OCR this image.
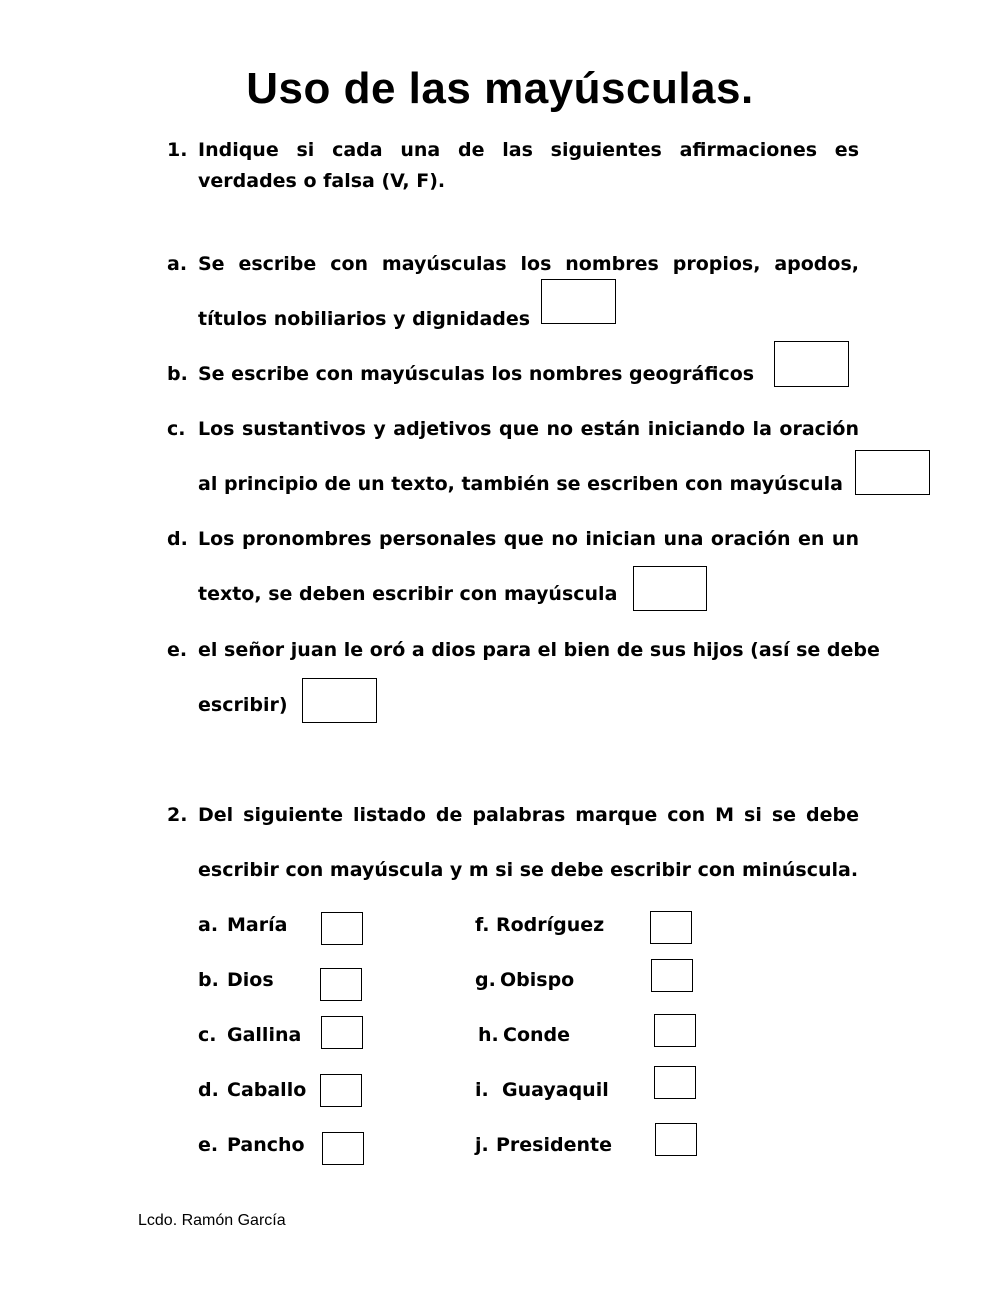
Uso de las mayúsculas.
1. Indique si cada una de las siguientes afirmaciones es
verdades o falsa (V, F).
a. Se escribe con mayúsculas los nombres propios, apodos,
títulos nobiliarios y dignidades
b. Se escribe con mayúsculas los nombres geográficos
c. Los sustantivos y adjetivos que no están iniciando la oración
al principio de un texto, también se escriben con mayúscula
d. Los pronombres personales que no inician una oración en un
texto, se deben escribir con mayúscula
e. el señor juan le oró a dios para el bien de sus hijos (así se debe
escribir)
2. Del siguiente listado de palabras marque con M si se debe
escribir con mayúscula y m si se debe escribir con minúscula.
a. María
b. Dios
c. Gallina
d. Caballo
e. Pancho
f. Rodríguez
g. Obispo
h. Conde
i. Guayaquil
j. Presidente
Lcdo. Ramón García
